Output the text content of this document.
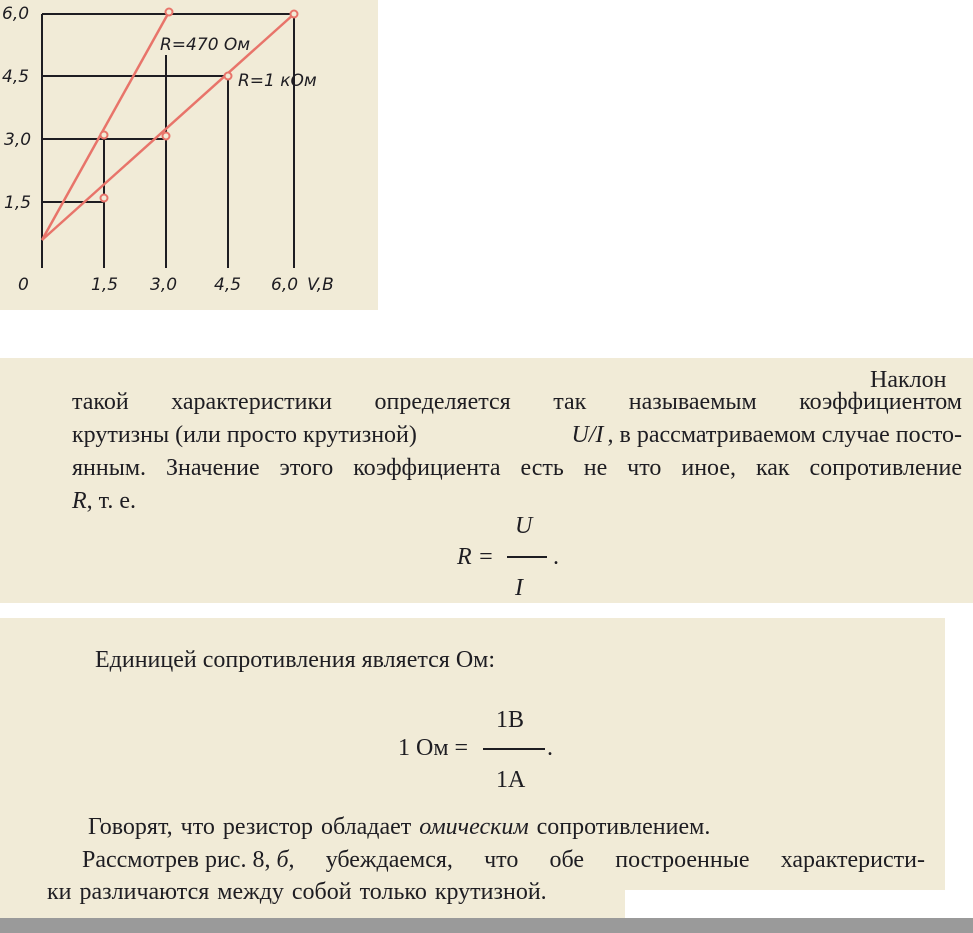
6,0
4,5
3,0
1,5
0	1,5 3,0 4,5 6,0 V,B
R=470 Ом
R=1 кОм
Наклон
такой характеристики определяется так называемым коэффициентом
крутизны (или просто крутизной)	U/I , в рассматриваемом случае посто-
янным. Значение этого коэффициента есть не что иное, как сопротивление
R, т. е.
R =
U
I
.
Единицей сопротивления является Ом:
1 Ом =
1В
1А
.
Говорят, что резистор обладает омическим сопротивлением.
Рассмотрев рис. 8, б , убеждаемся, что обе построенные характеристи-
ки различаются между собой только крутизной.
